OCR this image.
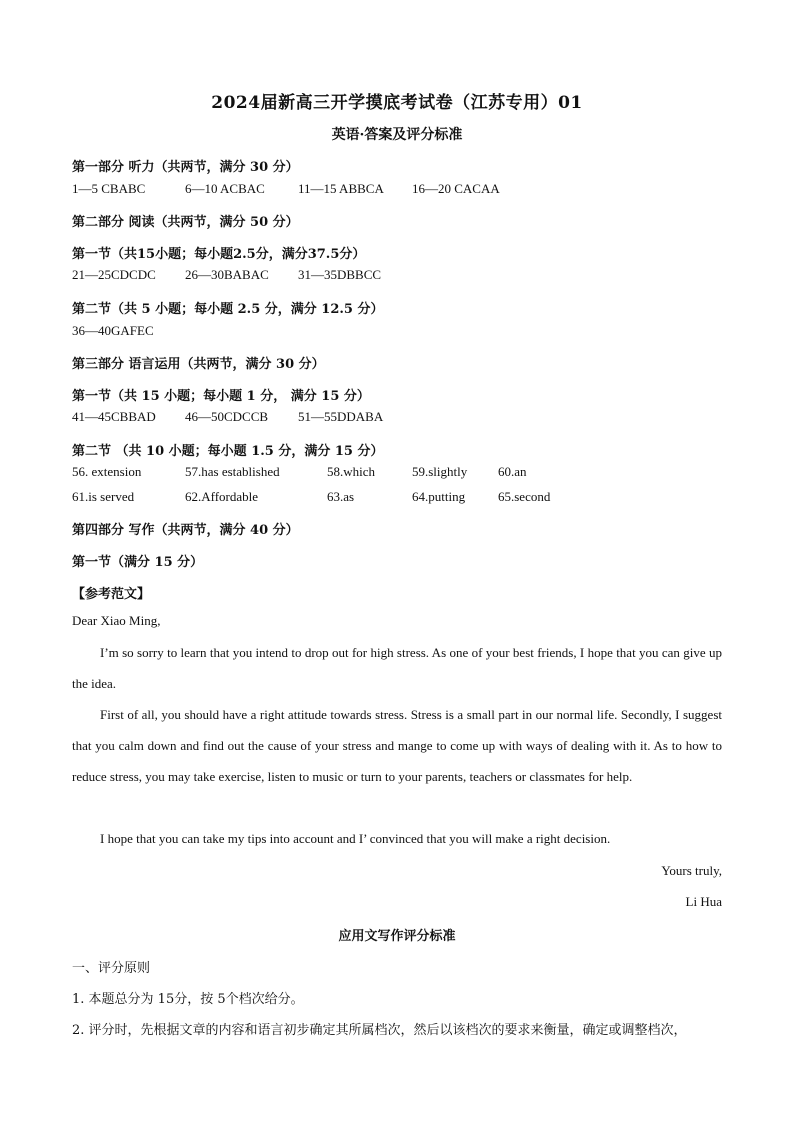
2024届新高三开学摸底考试卷（江苏专用）01
英语·答案及评分标准
第一部分 听力（共两节，满分 30 分）
1—5 CBABC	6—10 ACBAC	11—15 ABBCA 16—20 CACAA
第二部分 阅读（共两节，满分 50 分）
第一节（共15小题；每小题2.5分，满分37.5分）
21—25CDCDC 26—30BABAC 31—35DBBCC
第二节（共 5 小题；每小题 2.5 分，满分 12.5 分）
36—40GAFEC
第三部分 语言运用（共两节，满分 30 分）
第一节（共 15 小题；每小题 1 分， 满分 15 分）
41—45CBBAD 46—50CDCCB 51—55DDABA
第二节 （共 10 小题；每小题 1.5 分，满分 15 分）
56. extension	57.has established	58.which	59.slightly 60.an
61.is served	62.Affordable	63.as	64.putting	65.second
第四部分 写作（共两节，满分 40 分）
第一节（满分 15 分）
【参考范文】
Dear Xiao Ming,
I’m so sorry to learn that you intend to drop out for high stress. As one of your best friends, I hope that you can give up the idea.
First of all, you should have a right attitude towards stress. Stress is a small part in our normal life. Secondly, I suggest that you calm down and find out the cause of your stress and mange to come up with ways of dealing with it. As to how to reduce stress, you may take exercise, listen to music or turn to your parents, teachers or classmates for help.
I hope that you can take my tips into account and I’ convinced that you will make a right decision.
Yours truly,
Li Hua
应用文写作评分标准
一、评分原则
1. 本题总分为 15分，按 5个档次给分。
2. 评分时，先根据文章的内容和语言初步确定其所属档次，然后以该档次的要求来衡量，确定或调整档次，
